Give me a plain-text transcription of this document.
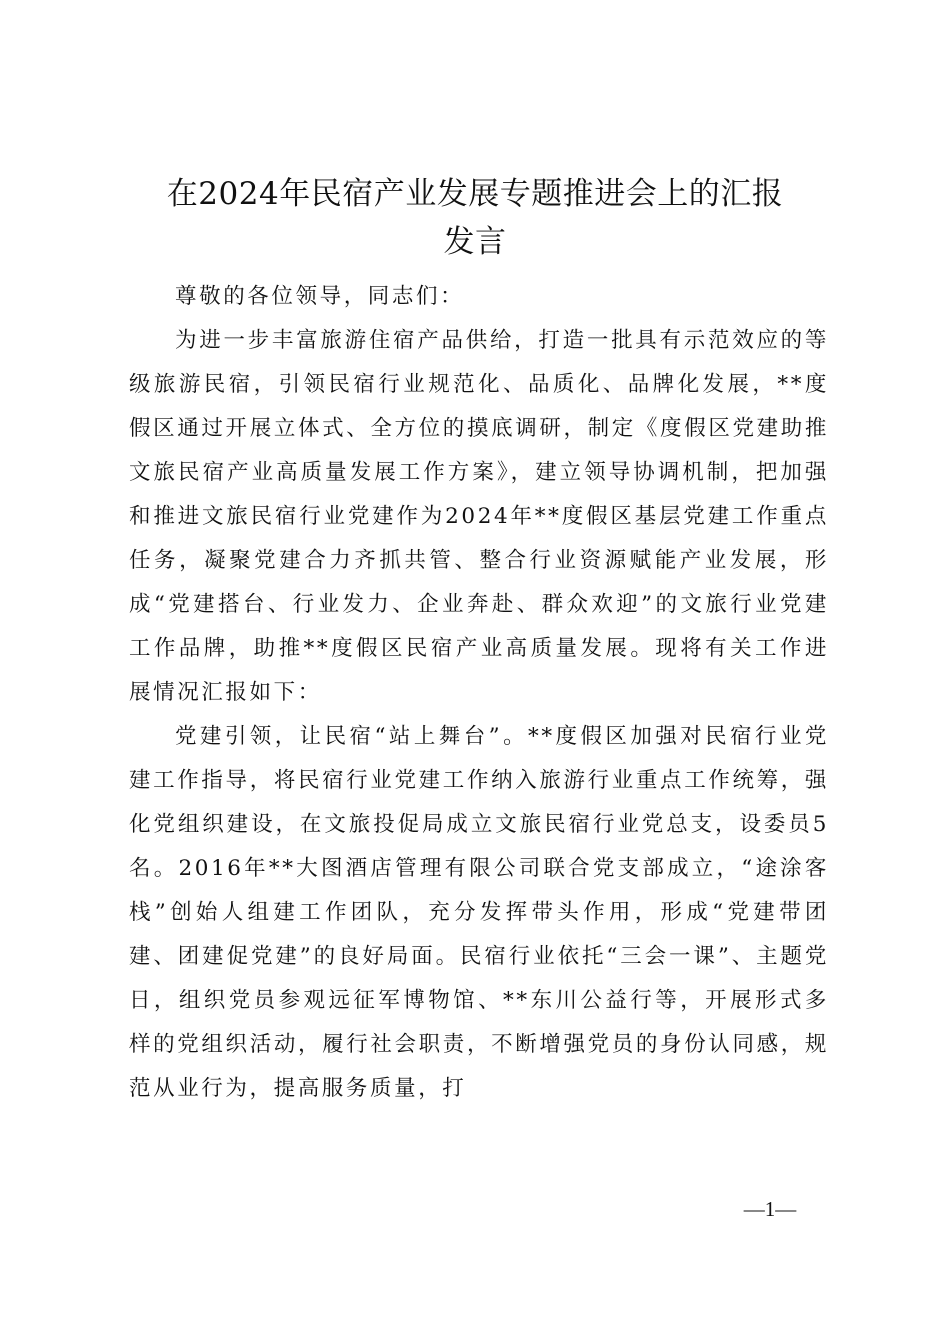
在2024年民宿产业发展专题推进会上的汇报
发言

尊敬的各位领导，同志们：

为进一步丰富旅游住宿产品供给，打造一批具有示范效应的等级旅游民宿，引领民宿行业规范化、品质化、品牌化发展，**度假区通过开展立体式、全方位的摸底调研，制定《度假区党建助推文旅民宿产业高质量发展工作方案》，建立领导协调机制，把加强和推进文旅民宿行业党建作为2024年**度假区基层党建工作重点任务，凝聚党建合力齐抓共管、整合行业资源赋能产业发展，形成“党建搭台、行业发力、企业奔赴、群众欢迎”的文旅行业党建工作品牌，助推**度假区民宿产业高质量发展。现将有关工作进展情况汇报如下：

党建引领，让民宿“站上舞台”。**度假区加强对民宿行业党建工作指导，将民宿行业党建工作纳入旅游行业重点工作统筹，强化党组织建设，在文旅投促局成立文旅民宿行业党总支，设委员5名。2016年**大图酒店管理有限公司联合党支部成立，“途涂客栈”创始人组建工作团队，充分发挥带头作用，形成“党建带团建、团建促党建”的良好局面。民宿行业依托“三会一课”、主题党日，组织党员参观远征军博物馆、**东川公益行等，开展形式多样的党组织活动，履行社会职责，不断增强党员的身份认同感，规范从业行为，提高服务质量，打

—1—
